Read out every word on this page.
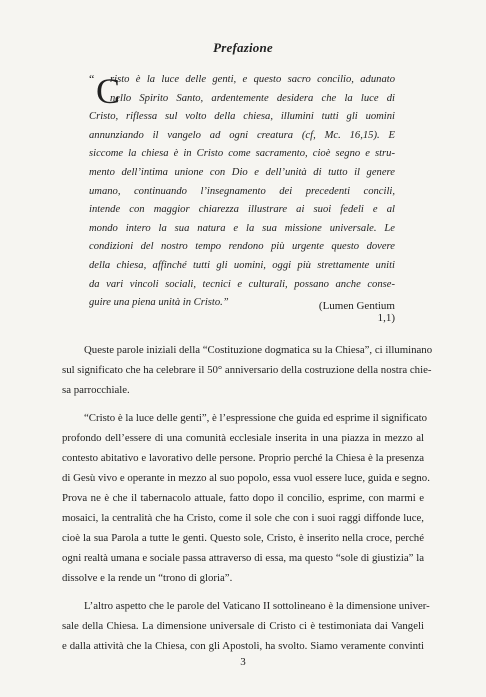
Prefazione
“ C
risto è la luce delle genti, e questo sacro concilio, adunato
nello Spirito Santo, ardentemente desidera che la luce di
Cristo, riflessa sul volto della chiesa, illumini tutti gli uomini
annunziando il vangelo ad ogni creatura (cf, Mc. 16,15). E
siccome la chiesa è in Cristo come sacramento, cioè segno e stru-
mento dell’intima unione con Dio e dell’unità di tutto il genere
umano, continuando l’insegnamento dei precedenti concili,
intende con maggior chiarezza illustrare ai suoi fedeli e al
mondo intero la sua natura e la sua missione universale. Le
condizioni del nostro tempo rendono più urgente questo dovere
della chiesa, affinché tutti gli uomini, oggi più strettamente uniti
da vari vincoli sociali, tecnici e culturali, possano anche conse-
guire una piena unità in Cristo.”	(Lumen Gentium 1,1)
Queste parole iniziali della “Costituzione dogmatica su la Chiesa”, ci illuminano
sul significato che ha celebrare il 50° anniversario della costruzione della nostra chie-
sa parrocchiale.
“Cristo è la luce delle genti”, è l’espressione che guida ed esprime il significato
profondo dell’essere di una comunità ecclesiale inserita in una piazza in mezzo al
contesto abitativo e lavorativo delle persone. Proprio perché la Chiesa è la presenza
di Gesù vivo e operante in mezzo al suo popolo, essa vuol essere luce, guida e segno.
Prova ne è che il tabernacolo attuale, fatto dopo il concilio, esprime, con marmi e
mosaici, la centralità che ha Cristo, come il sole che con i suoi raggi diffonde luce,
cioè la sua Parola a tutte le genti. Questo sole, Cristo, è inserito nella croce, perché
ogni realtà umana e sociale passa attraverso di essa, ma questo “sole di giustizia” la
dissolve e la rende un “trono di gloria”.
L’altro aspetto che le parole del Vaticano II sottolineano è la dimensione univer-
sale della Chiesa. La dimensione universale di Cristo ci è testimoniata dai Vangeli
e dalla attività che la Chiesa, con gli Apostoli, ha svolto. Siamo veramente convinti
3
